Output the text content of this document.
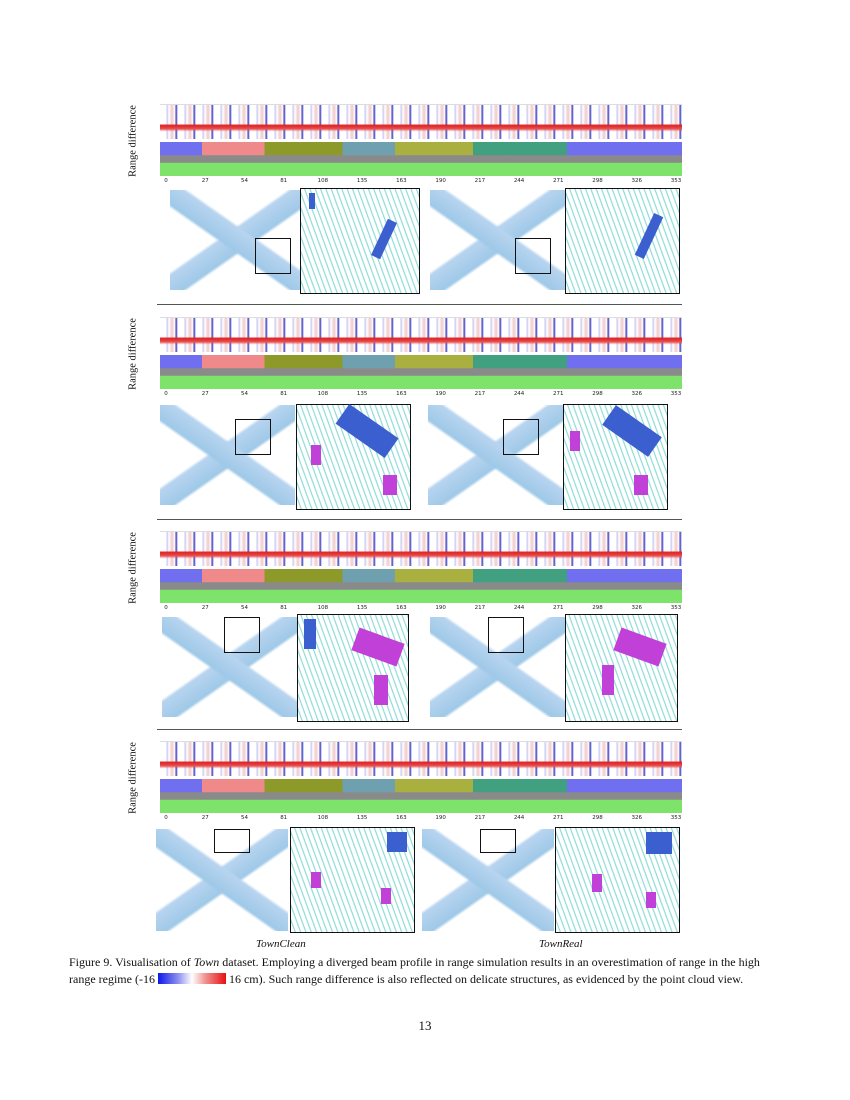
Range difference
0	27	54	81	108	135	163	190	217	244	271	298	326	353
Range difference
0	27	54	81	108	135	163	190	217	244	271	298	326	353
Range difference
0	27	54	81	108	135	163	190	217	244	271	298	326	353
Range difference
0	27	54	81	108	135	163	190	217	244	271	298	326	353
TownClean	TownReal
Figure 9. Visualisation of Town dataset. Employing a diverged beam profile in range simulation results in an overestimation of range in the high range regime (-16	16 cm). Such range difference is also reflected on delicate structures, as evidenced by the point cloud view.
13
